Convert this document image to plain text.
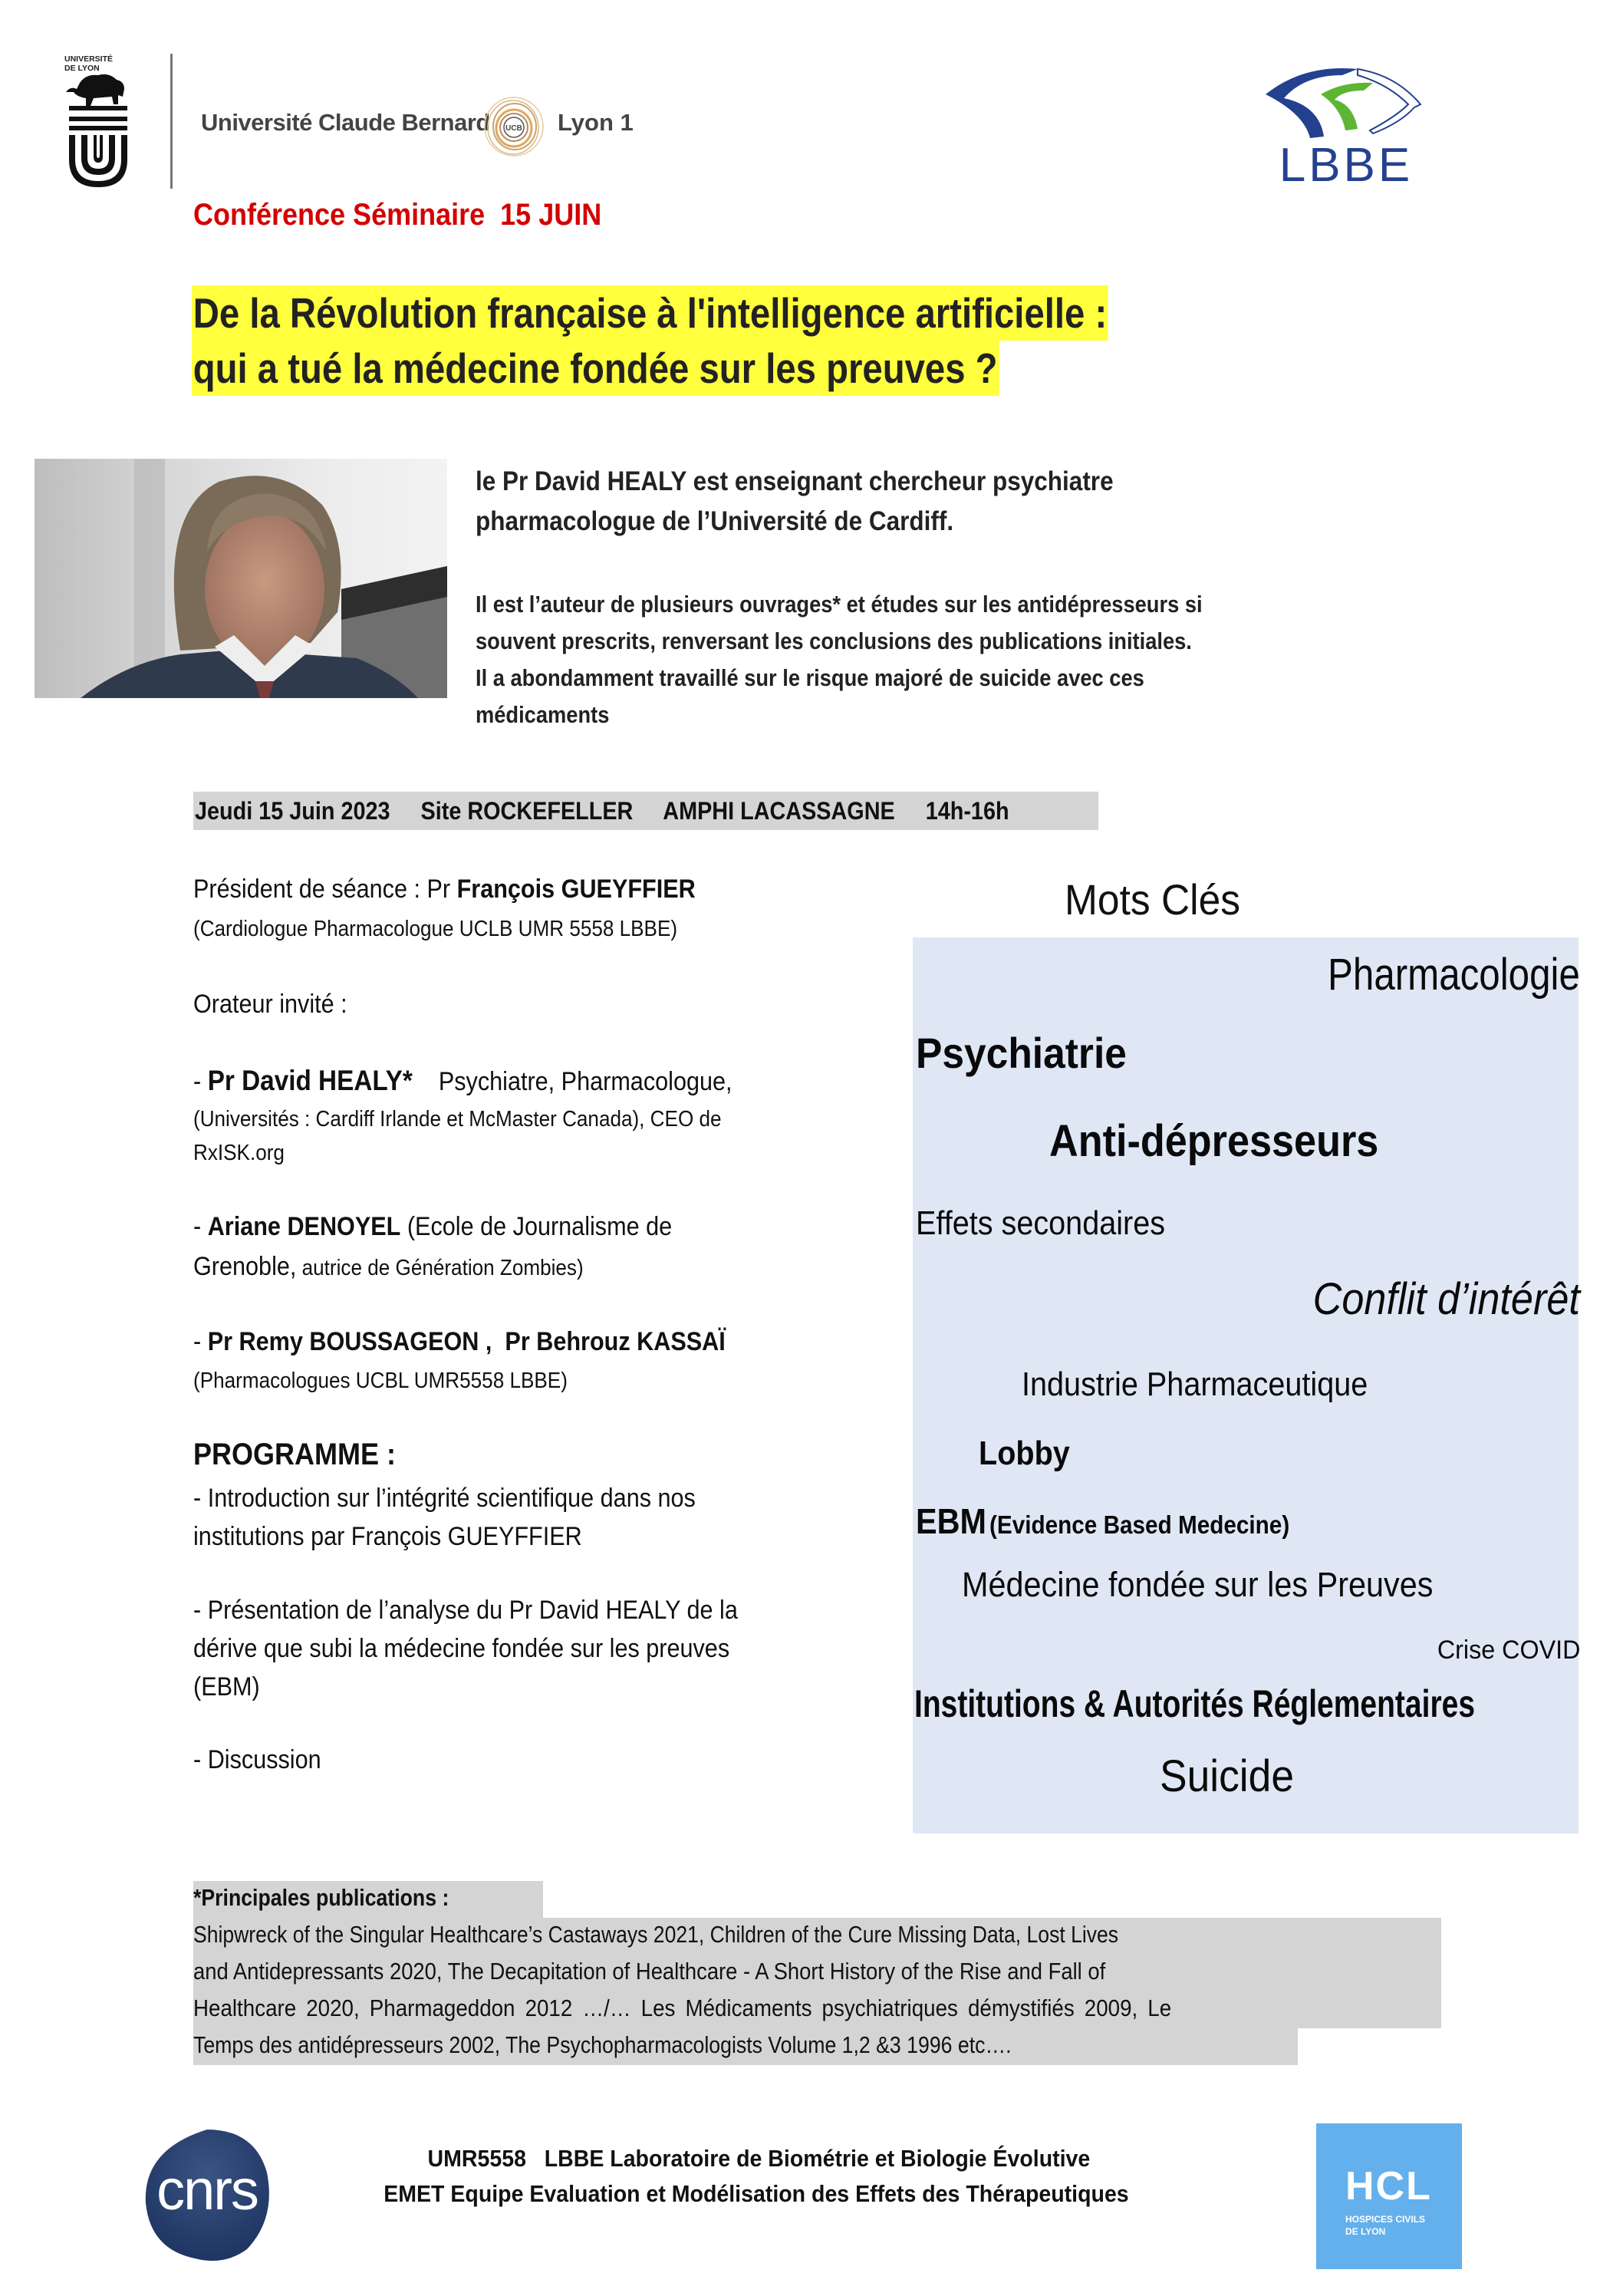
UNIVERSITÉ
DE LYON
Université Claude Bernard UCB Lyon 1
LBBE
Conférence Séminaire  15 JUIN
De la Révolution française à l'intelligence artificielle :
qui a tué la médecine fondée sur les preuves ?
le Pr David HEALY est enseignant chercheur psychiatre
pharmacologue de l’Université de Cardiff.
Il est l’auteur de plusieurs ouvrages* et études sur les antidépresseurs si
souvent prescrits, renversant les conclusions des publications initiales.
Il a abondamment travaillé sur le risque majoré de suicide avec ces
médicaments
Jeudi 15 Juin 2023 Site ROCKEFELLER AMPHI LACASSAGNE 14h-16h
Président de séance : Pr François GUEYFFIER
(Cardiologue Pharmacologue UCLB UMR 5558 LBBE)
Orateur invité :
- Pr David HEALY*    Psychiatre, Pharmacologue,
(Universités : Cardiff Irlande et McMaster Canada), CEO de
RxISK.org
- Ariane DENOYEL (Ecole de Journalisme de
Grenoble, autrice de Génération Zombies)
- Pr Remy BOUSSAGEON ,  Pr Behrouz KASSAÏ
(Pharmacologues UCBL UMR5558 LBBE)
PROGRAMME :
- Introduction sur l’intégrité scientifique dans nos
institutions par François GUEYFFIER
- Présentation de l’analyse du Pr David HEALY de la
dérive que subi la médecine fondée sur les preuves
(EBM)
- Discussion
Mots Clés
Pharmacologie
Psychiatrie
Anti-dépresseurs
Effets secondaires
Conflit d’intérêt
Industrie Pharmaceutique
Lobby
EBM (Evidence Based Medecine)
Médecine fondée sur les Preuves
Crise COVID
Institutions & Autorités Réglementaires
Suicide
*Principales publications :
Shipwreck of the Singular Healthcare’s Castaways 2021, Children of the Cure Missing Data, Lost Lives
and Antidepressants 2020, The Decapitation of Healthcare - A Short History of the Rise and Fall of
Healthcare 2020, Pharmageddon 2012 …/… Les Médicaments psychiatriques démystifiés 2009, Le
Temps des antidépresseurs 2002, The Psychopharmacologists Volume 1,2 &3 1996 etc….
cnrs	UMR5558   LBBE Laboratoire de Biométrie et Biologie Évolutive
EMET Equipe Evaluation et Modélisation des Effets des Thérapeutiques	HCL
HOSPICES CIVILS
DE LYON
